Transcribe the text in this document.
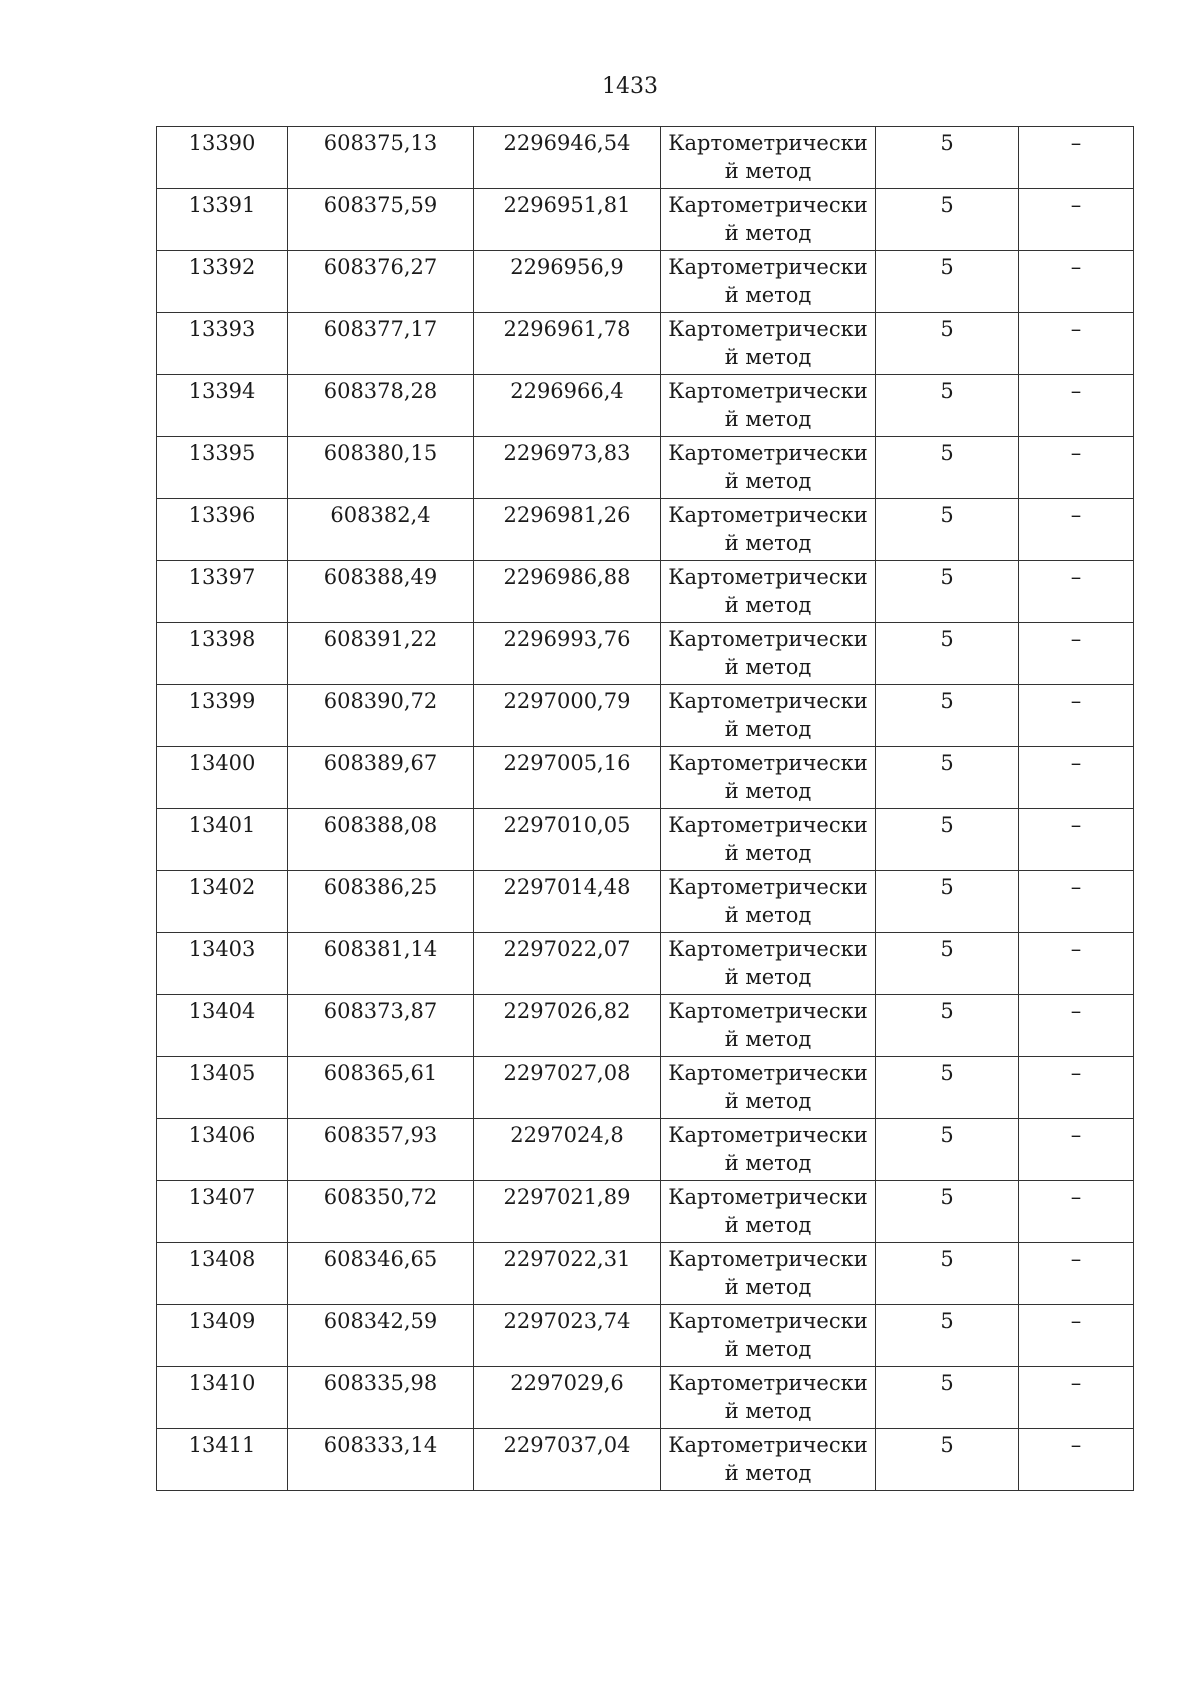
1433
13390	608375,13	2296946,54	Картометрически й метод	5	–
13391	608375,59	2296951,81	Картометрически й метод	5	–
13392	608376,27	2296956,9	Картометрически й метод	5	–
13393	608377,17	2296961,78	Картометрически й метод	5	–
13394	608378,28	2296966,4	Картометрически й метод	5	–
13395	608380,15	2296973,83	Картометрически й метод	5	–
13396	608382,4	2296981,26	Картометрически й метод	5	–
13397	608388,49	2296986,88	Картометрически й метод	5	–
13398	608391,22	2296993,76	Картометрически й метод	5	–
13399	608390,72	2297000,79	Картометрически й метод	5	–
13400	608389,67	2297005,16	Картометрически й метод	5	–
13401	608388,08	2297010,05	Картометрически й метод	5	–
13402	608386,25	2297014,48	Картометрически й метод	5	–
13403	608381,14	2297022,07	Картометрически й метод	5	–
13404	608373,87	2297026,82	Картометрически й метод	5	–
13405	608365,61	2297027,08	Картометрически й метод	5	–
13406	608357,93	2297024,8	Картометрически й метод	5	–
13407	608350,72	2297021,89	Картометрически й метод	5	–
13408	608346,65	2297022,31	Картометрически й метод	5	–
13409	608342,59	2297023,74	Картометрически й метод	5	–
13410	608335,98	2297029,6	Картометрически й метод	5	–
13411	608333,14	2297037,04	Картометрически й метод	5	–
